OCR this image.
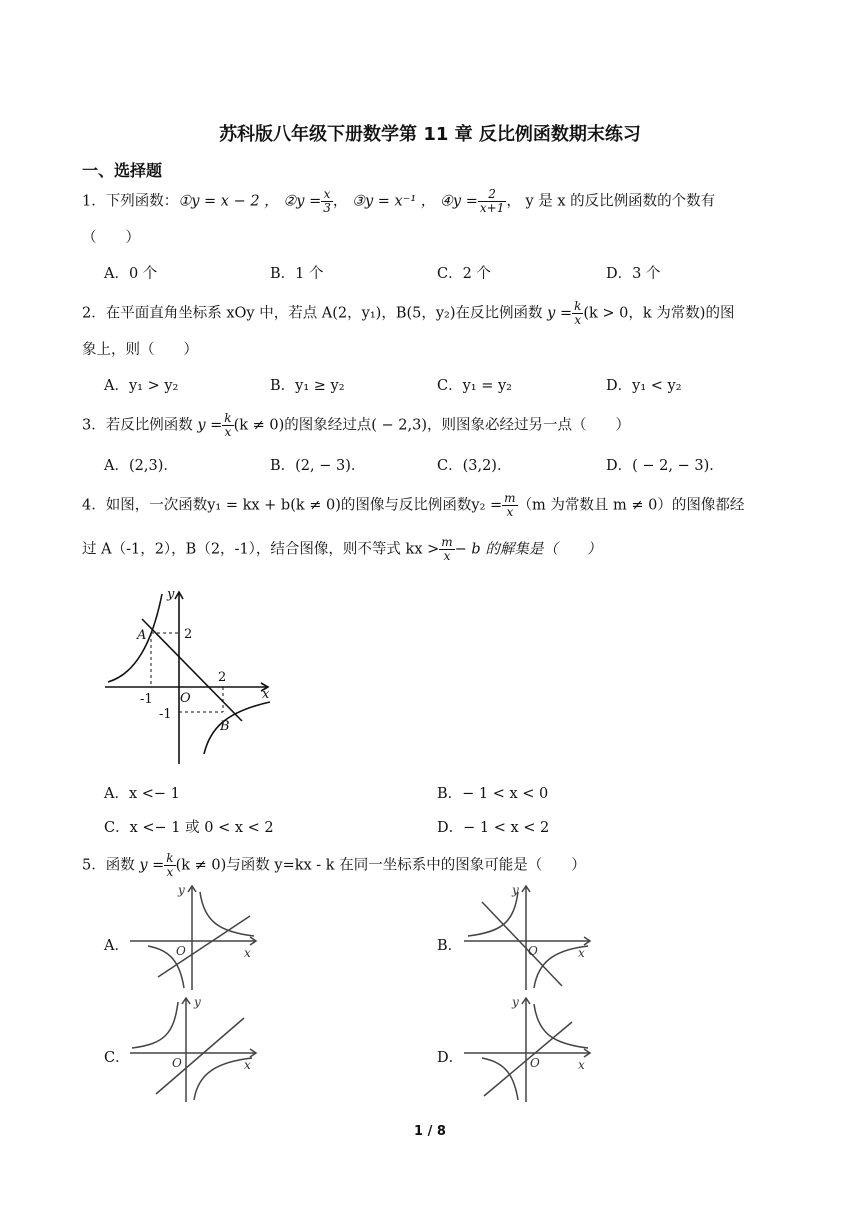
苏科版八年级下册数学第 11 章 反比例函数期末练习
一、选择题
1．下列函数：①y = x − 2 ， ②y = $\frac{x}{3}$ ， ③y = x⁻¹ ， ④y = $\frac{2}{x+1}$ ， y 是 x 的反比例函数的个数有
（　　）
A．0 个	B．1 个	C．2 个	D．3 个
2．在平面直角坐标系 xOy 中，若点 A(2，y₁)，B(5，y₂)在反比例函数 $y = \frac{k}{x} (k > 0$，k 为常数)的图
象上，则（　　）
A．y₁ > y₂	B．y₁ ≥ y₂	C．y₁ = y₂	D．y₁ < y₂
3．若反比例函数 $y = \frac{k}{x} (k \ne 0)$的图象经过点( − 2,3)，则图象必经过另一点（　　）
A．(2,3)．	B．(2, − 3)．	C．(3,2)．	D．( − 2, − 3)．
4．如图，一次函数y₁ = kx + b(k ≠ 0)的图像与反比例函数$y_2 = \frac{m}{x} (m$ 为常数且 m ≠ 0）的图像都经
过 A（-1，2），B（2，-1），结合图像，则不等式 kx > $\frac{m}{x} - b$ 的解集是（　　）
y
x
O
A
B
2
-1
2
-1
A．x <− 1	B．− 1 < x < 0
C．x <− 1 或 0 < x < 2	D．− 1 < x < 2
5．函数 $y = \frac{k}{x} (k \ne 0)$与函数 y=kx - k 在同一坐标系中的图象可能是（　　）
A．	B．
C．	D．
y
x
O
y
x
O
y
x
O
y
x
O
1 / 8
